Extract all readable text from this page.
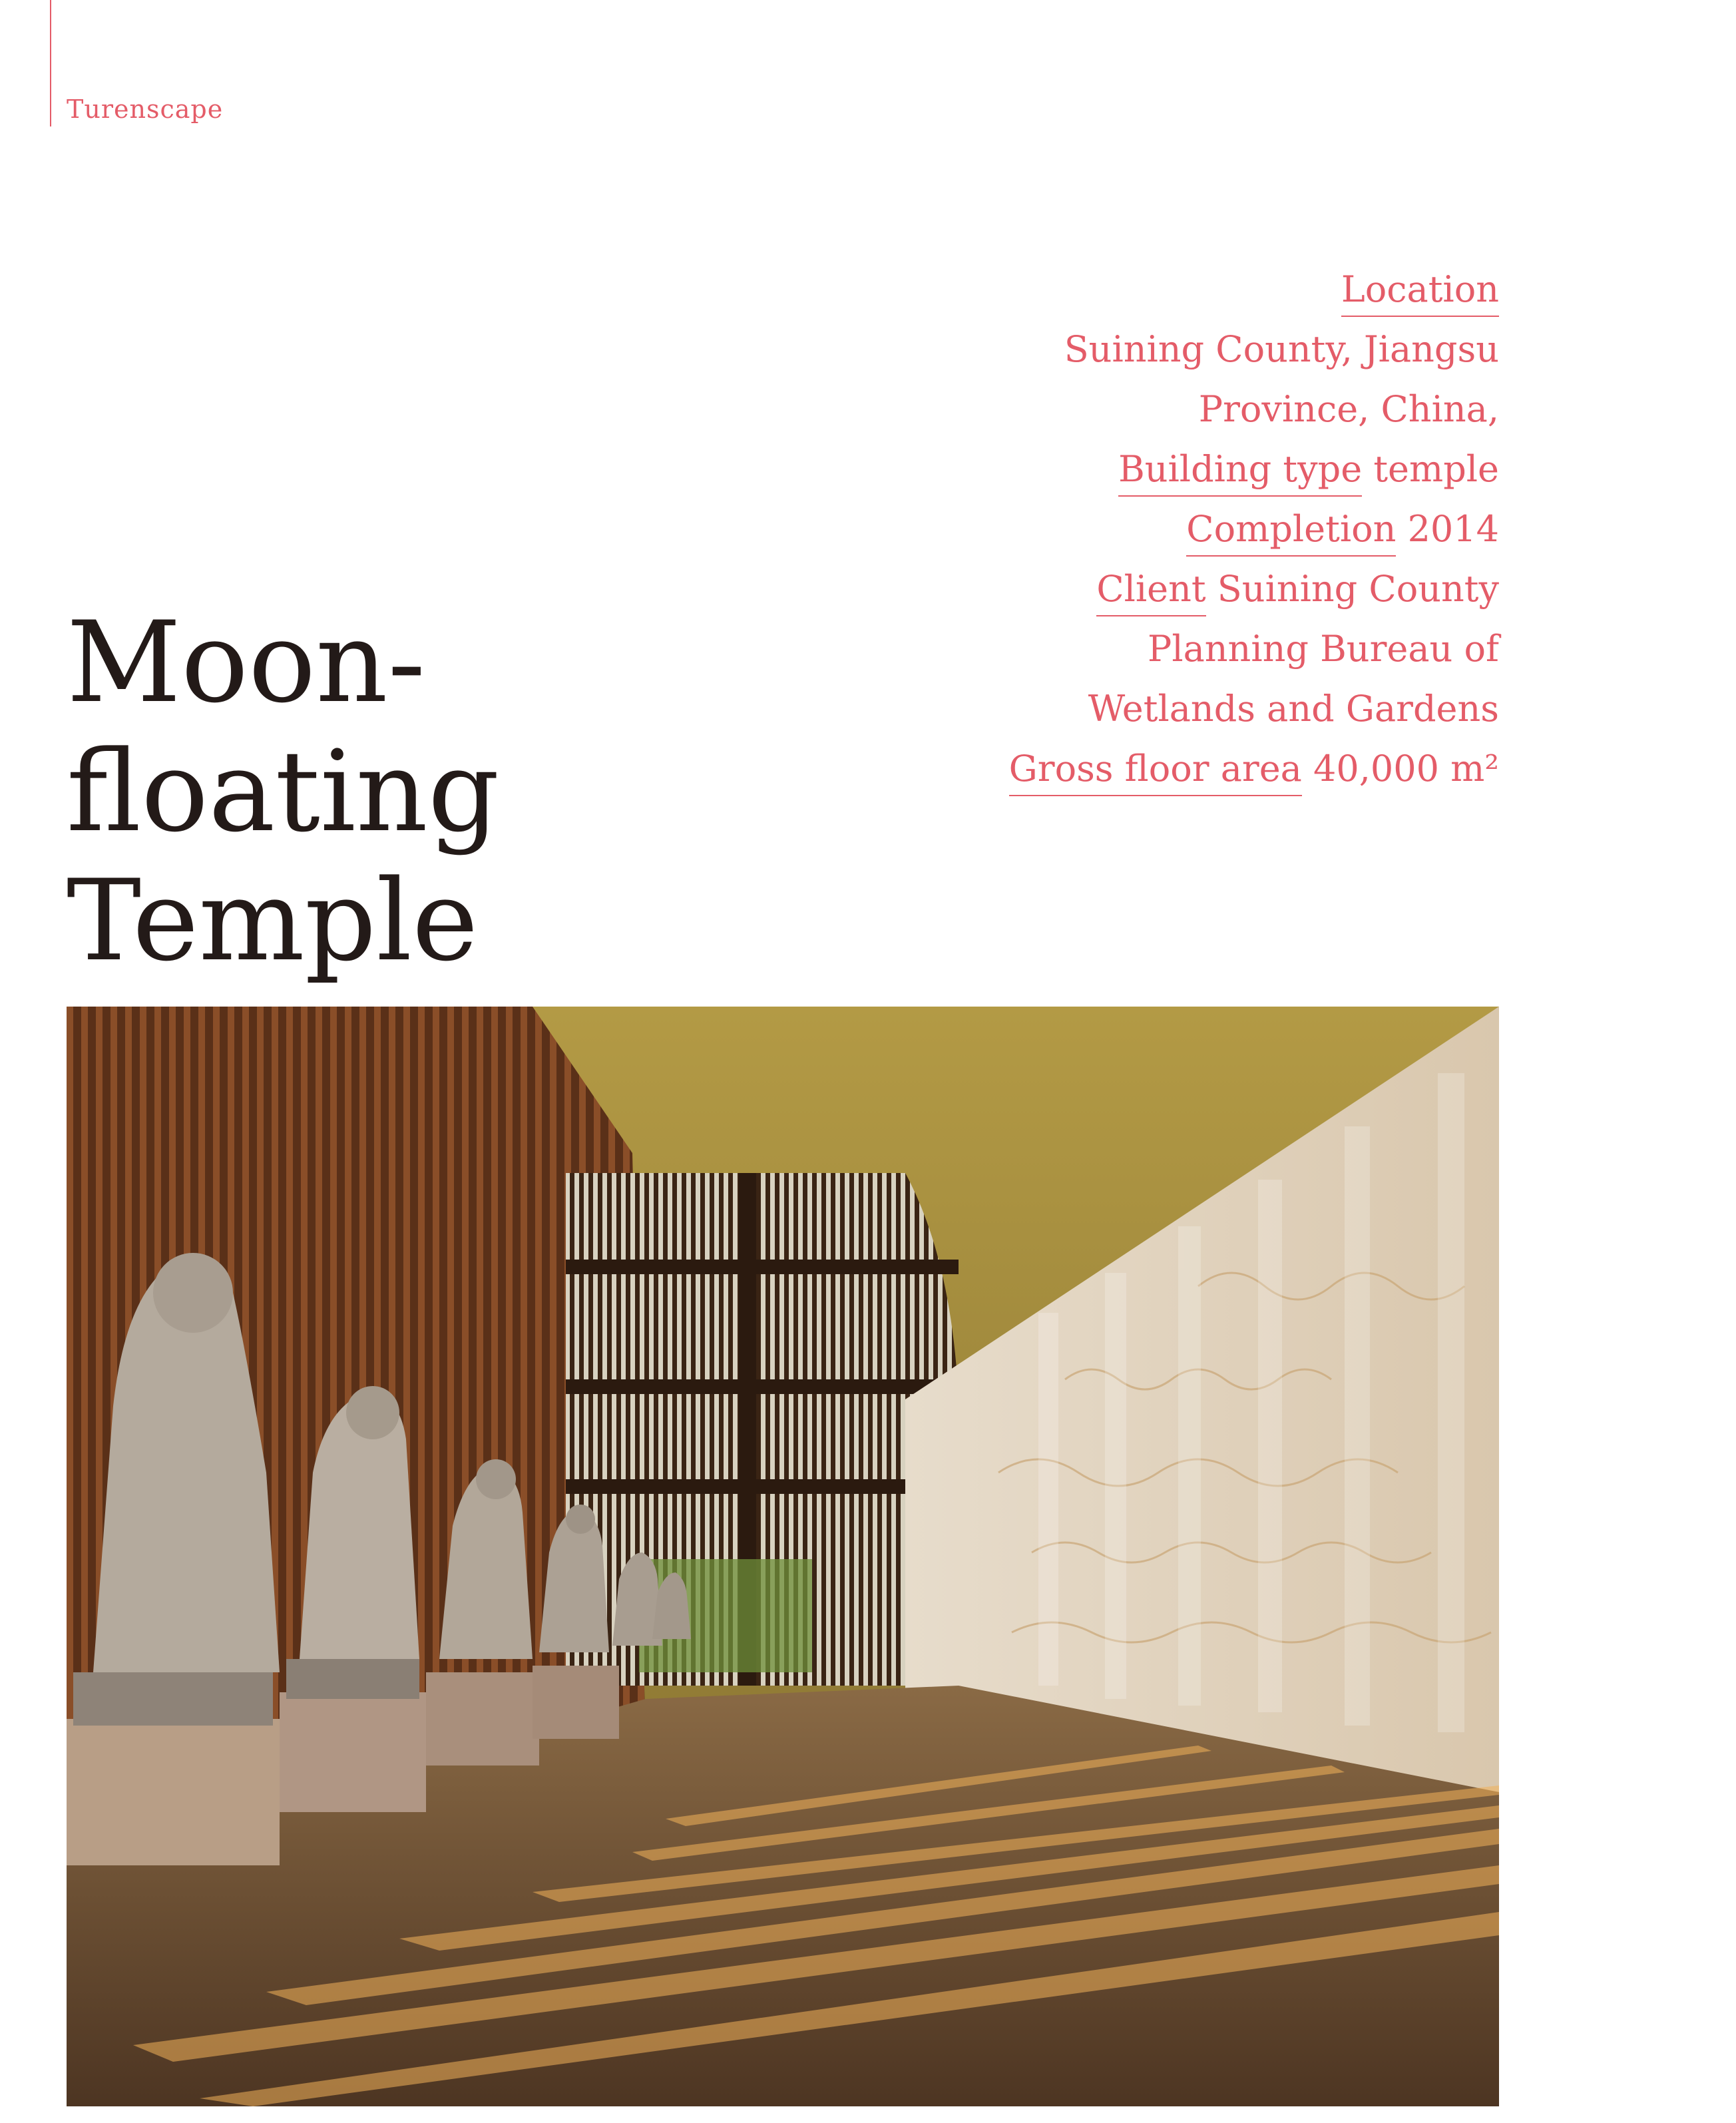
Turenscape
Moon-
floating
Temple
Location
Suining County, Jiangsu
Province, China,
Building type temple
Completion 2014
Client Suining County
Planning Bureau of
Wetlands and Gardens
Gross floor area 40,000 m²
